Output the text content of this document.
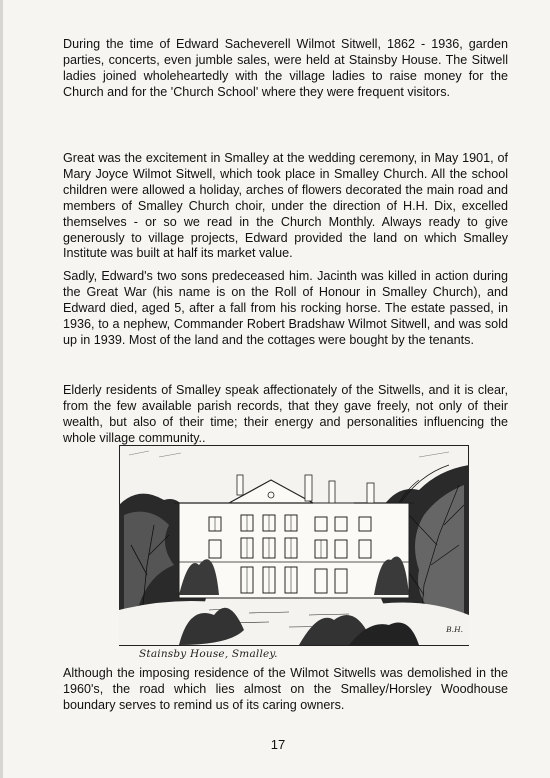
During the time of Edward Sacheverell Wilmot Sitwell, 1862 - 1936, garden parties, concerts, even jumble sales, were held at Stainsby House. The Sitwell ladies joined wholeheartedly with the village ladies to raise money for the Church and for the 'Church School' where they were frequent visitors.

Great was the excitement in Smalley at the wedding ceremony, in May 1901, of Mary Joyce Wilmot Sitwell, which took place in Smalley Church. All the school children were allowed a holiday, arches of flowers decorated the main road and members of Smalley Church choir, under the direction of H.H. Dix, excelled themselves - or so we read in the Church Monthly. Always ready to give generously to village projects, Edward provided the land on which Smalley Institute was built at half its market value.

Sadly, Edward's two sons predeceased him. Jacinth was killed in action during the Great War (his name is on the Roll of Honour in Smalley Church), and Edward died, aged 5, after a fall from his rocking horse. The estate passed, in 1936, to a nephew, Commander Robert Bradshaw Wilmot Sitwell, and was sold up in 1939. Most of the land and the cottages were bought by the tenants.

Elderly residents of Smalley speak affectionately of the Sitwells, and it is clear, from the few available parish records, that they gave freely, not only of their wealth, but also of their time; their energy and personalities influencing the whole village community..

Stainsby House, Smalley.
B.H.

Although the imposing residence of the Wilmot Sitwells was demolished in the 1960's, the road which lies almost on the Smalley/Horsley Woodhouse boundary serves to remind us of its caring owners.

17
